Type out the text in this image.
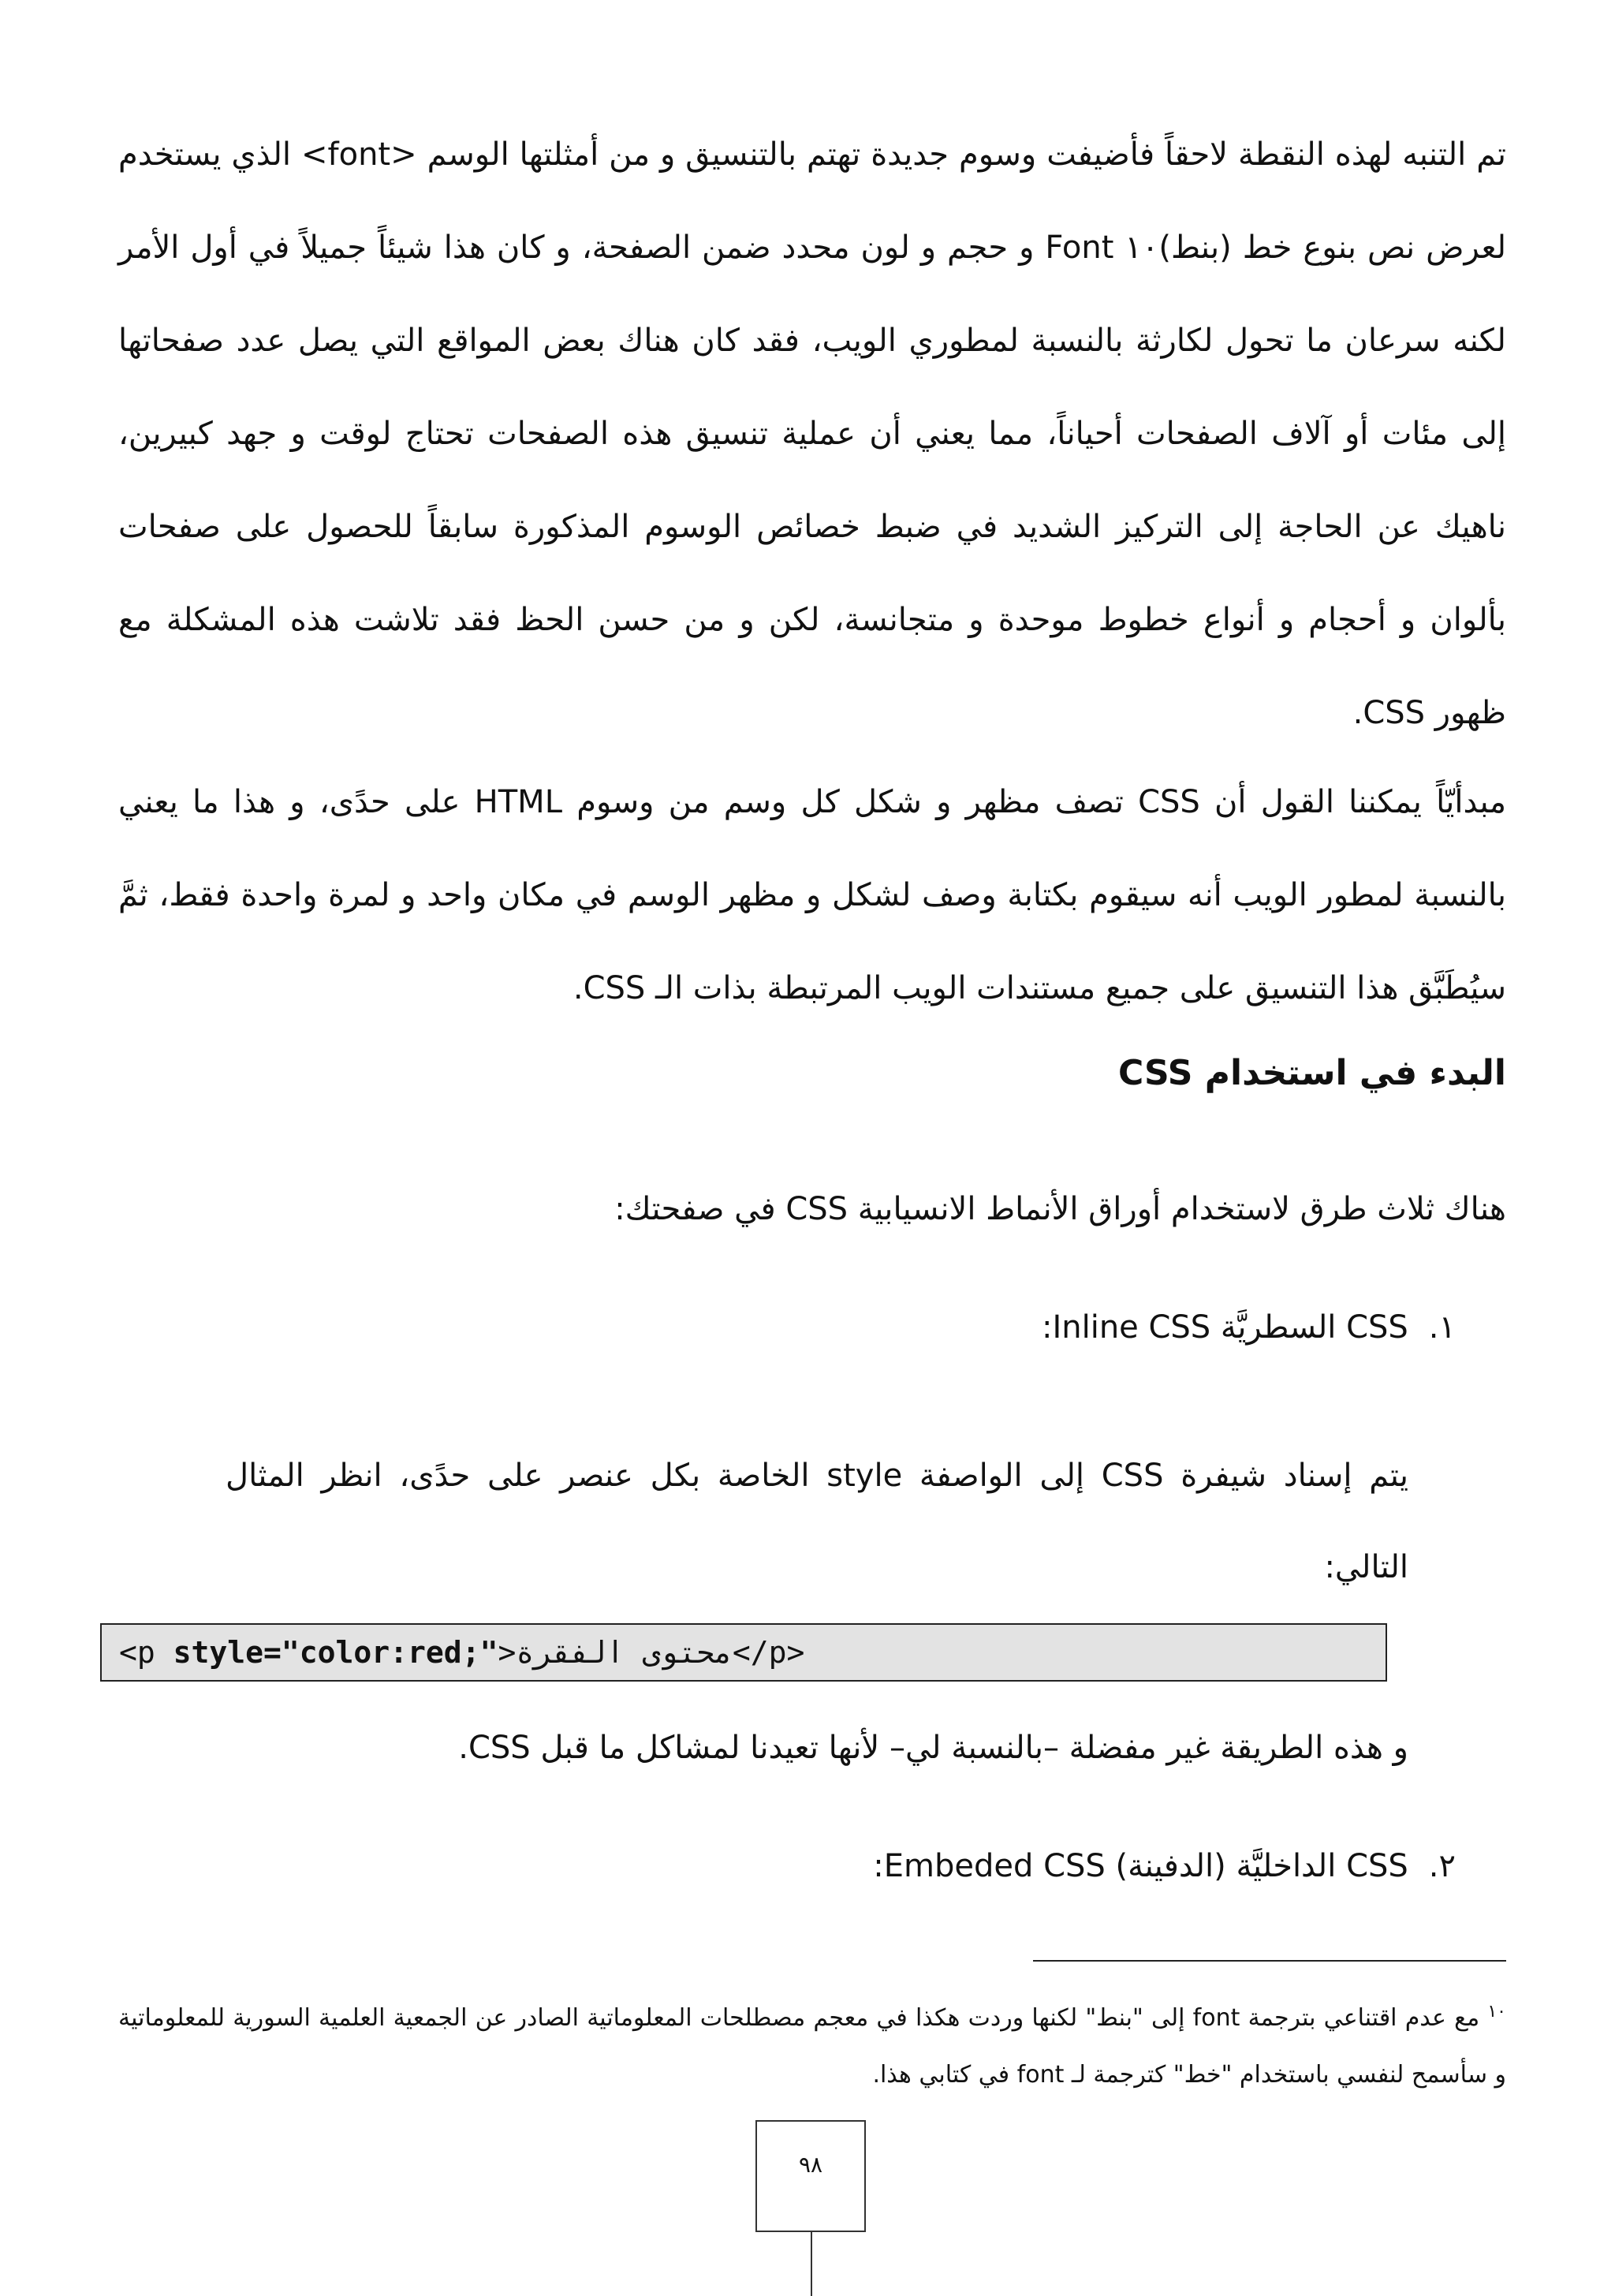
تم التنبه لهذه النقطة لاحقاً فأضيفت وسوم جديدة تهتم بالتنسيق و من أمثلتها الوسم <font> الذي يستخدم لعرض نص بنوع خط (بنط)١٠ Font و حجم و لون محدد ضمن الصفحة، و كان هذا شيئاً جميلاً في أول الأمر لكنه سرعان ما تحول لكارثة بالنسبة لمطوري الويب، فقد كان هناك بعض المواقع التي يصل عدد صفحاتها إلى مئات أو آلاف الصفحات أحياناً، مما يعني أن عملية تنسيق هذه الصفحات تحتاج لوقت و جهد كبيرين، ناهيك عن الحاجة إلى التركيز الشديد في ضبط خصائص الوسوم المذكورة سابقاً للحصول على صفحات بألوان و أحجام و أنواع خطوط موحدة و متجانسة، لكن و من حسن الحظ فقد تلاشت هذه المشكلة مع ظهور CSS.

مبدأيّاً يمكننا القول أن CSS تصف مظهر و شكل كل وسم من وسوم HTML على حدًى، و هذا ما يعني بالنسبة لمطور الويب أنه سيقوم بكتابة وصف لشكل و مظهر الوسم في مكان واحد و لمرة واحدة فقط، ثمَّ سيُطَبَّق هذا التنسيق على جميع مستندات الويب المرتبطة بذات الـ CSS.

البدء في استخدام CSS

هناك ثلاث طرق لاستخدام أوراق الأنماط الانسيابية CSS في صفحتك:

١.CSS السطريَّة Inline CSS:

يتم إسناد شيفرة CSS إلى الواصفة style الخاصة بكل عنصر على حدًى، انظر المثال التالي:

<p style="color:red;">محتوى الفقرة</p>

و هذه الطريقة غير مفضلة –بالنسبة لي– لأنها تعيدنا لمشاكل ما قبل CSS.

٢.CSS الداخليَّة (الدفينة) Embeded CSS:

$^{١٠}$ مع عدم اقتناعي بترجمة font إلى "بنط" لكنها وردت هكذا في معجم مصطلحات المعلوماتية الصادر عن الجمعية العلمية السورية للمعلوماتية و سأسمح لنفسي باستخدام "خط" كترجمة لـ font في كتابي هذا.

٩٨
